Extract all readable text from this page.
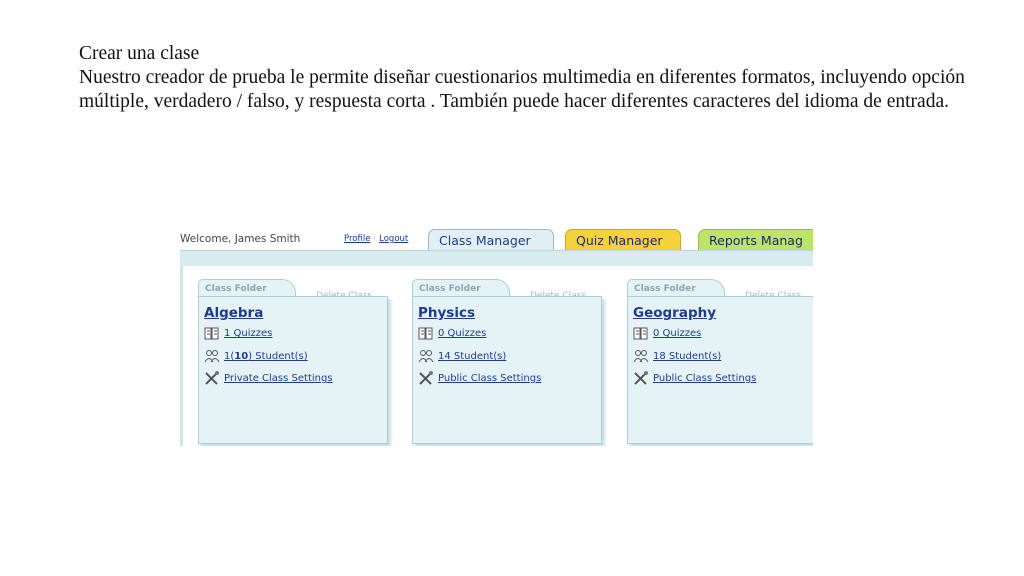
Crear una clase
Nuestro creador de prueba le permite diseñar cuestionarios multimedia en diferentes formatos, incluyendo opción múltiple, verdadero / falso, y respuesta corta . También puede hacer diferentes caracteres del idioma de entrada.
Welcome, James Smith	Profile · Logout	Class Manager	Quiz Manager	Reports Manag
Class Folder
Algebra
1 Quizzes
1(10) Student(s)
Private Class Settings
Class Folder
Physics
0 Quizzes
14 Student(s)
Public Class Settings
Class Folder
Geography
0 Quizzes
18 Student(s)
Public Class Settings
